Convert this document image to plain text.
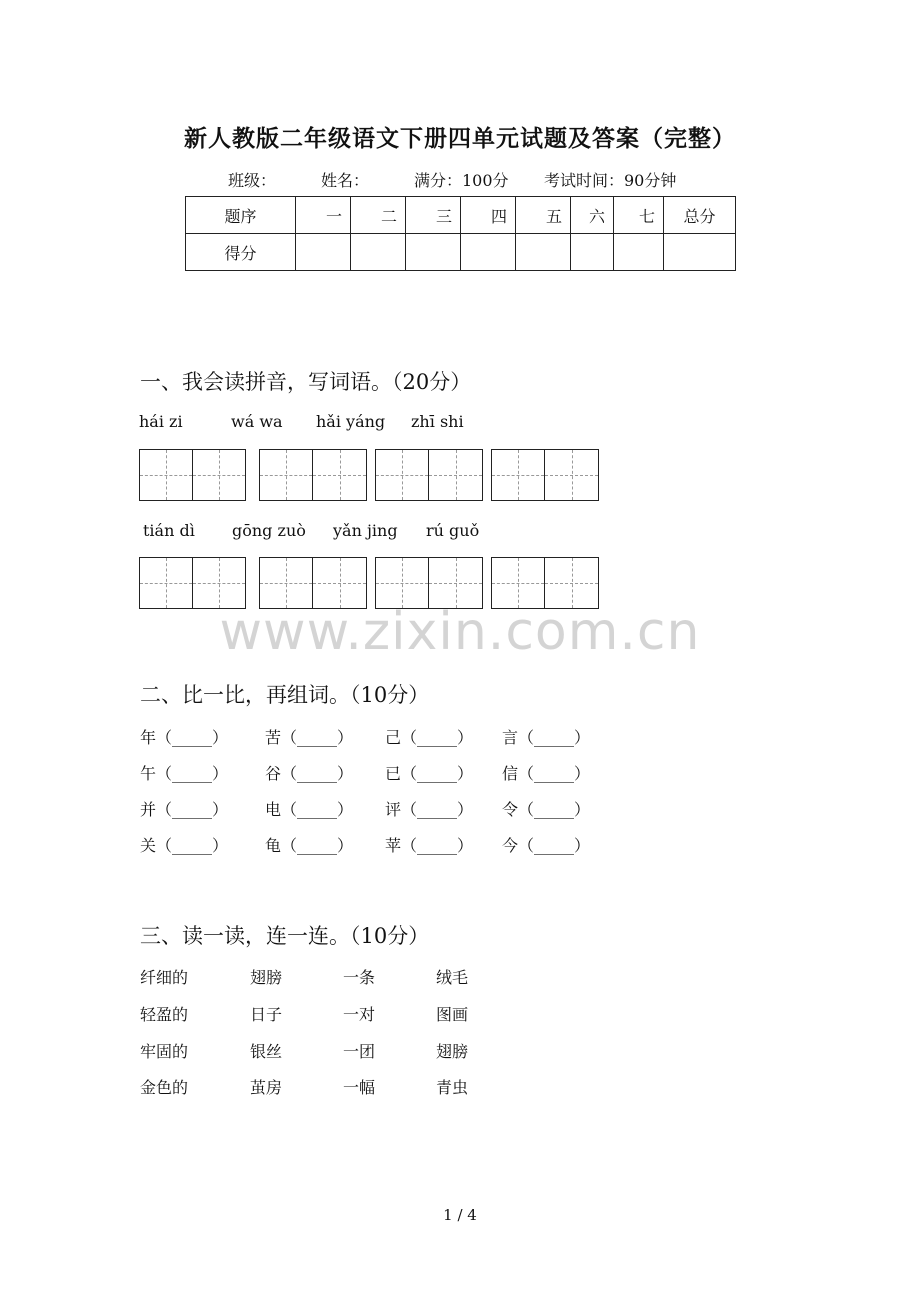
新人教版二年级语文下册四单元试题及答案（完整）
班级：	姓名：	满分：100分 考试时间：90分钟
题序	一	二	三	四	五	六	七	总分
得分								
一、我会读拼音，写词语。（20分）
hái zi	wá wa hǎi yáng zhī shi
tián dì gōng zuò yǎn jing rú guǒ
www.zixin.com.cn
二、比一比，再组词。（10分）
年（_____） 苦（_____） 己（_____） 言（_____）
午（_____） 谷（_____） 已（_____） 信（_____）
并（_____） 电（_____） 评（_____） 令（_____）
关（_____） 龟（_____） 苹（_____） 今（_____）
三、读一读，连一连。（10分）
纤细的	翅膀	一条	绒毛
轻盈的	日子	一对	图画
牢固的	银丝	一团	翅膀
金色的	茧房	一幅	青虫
1 / 4
